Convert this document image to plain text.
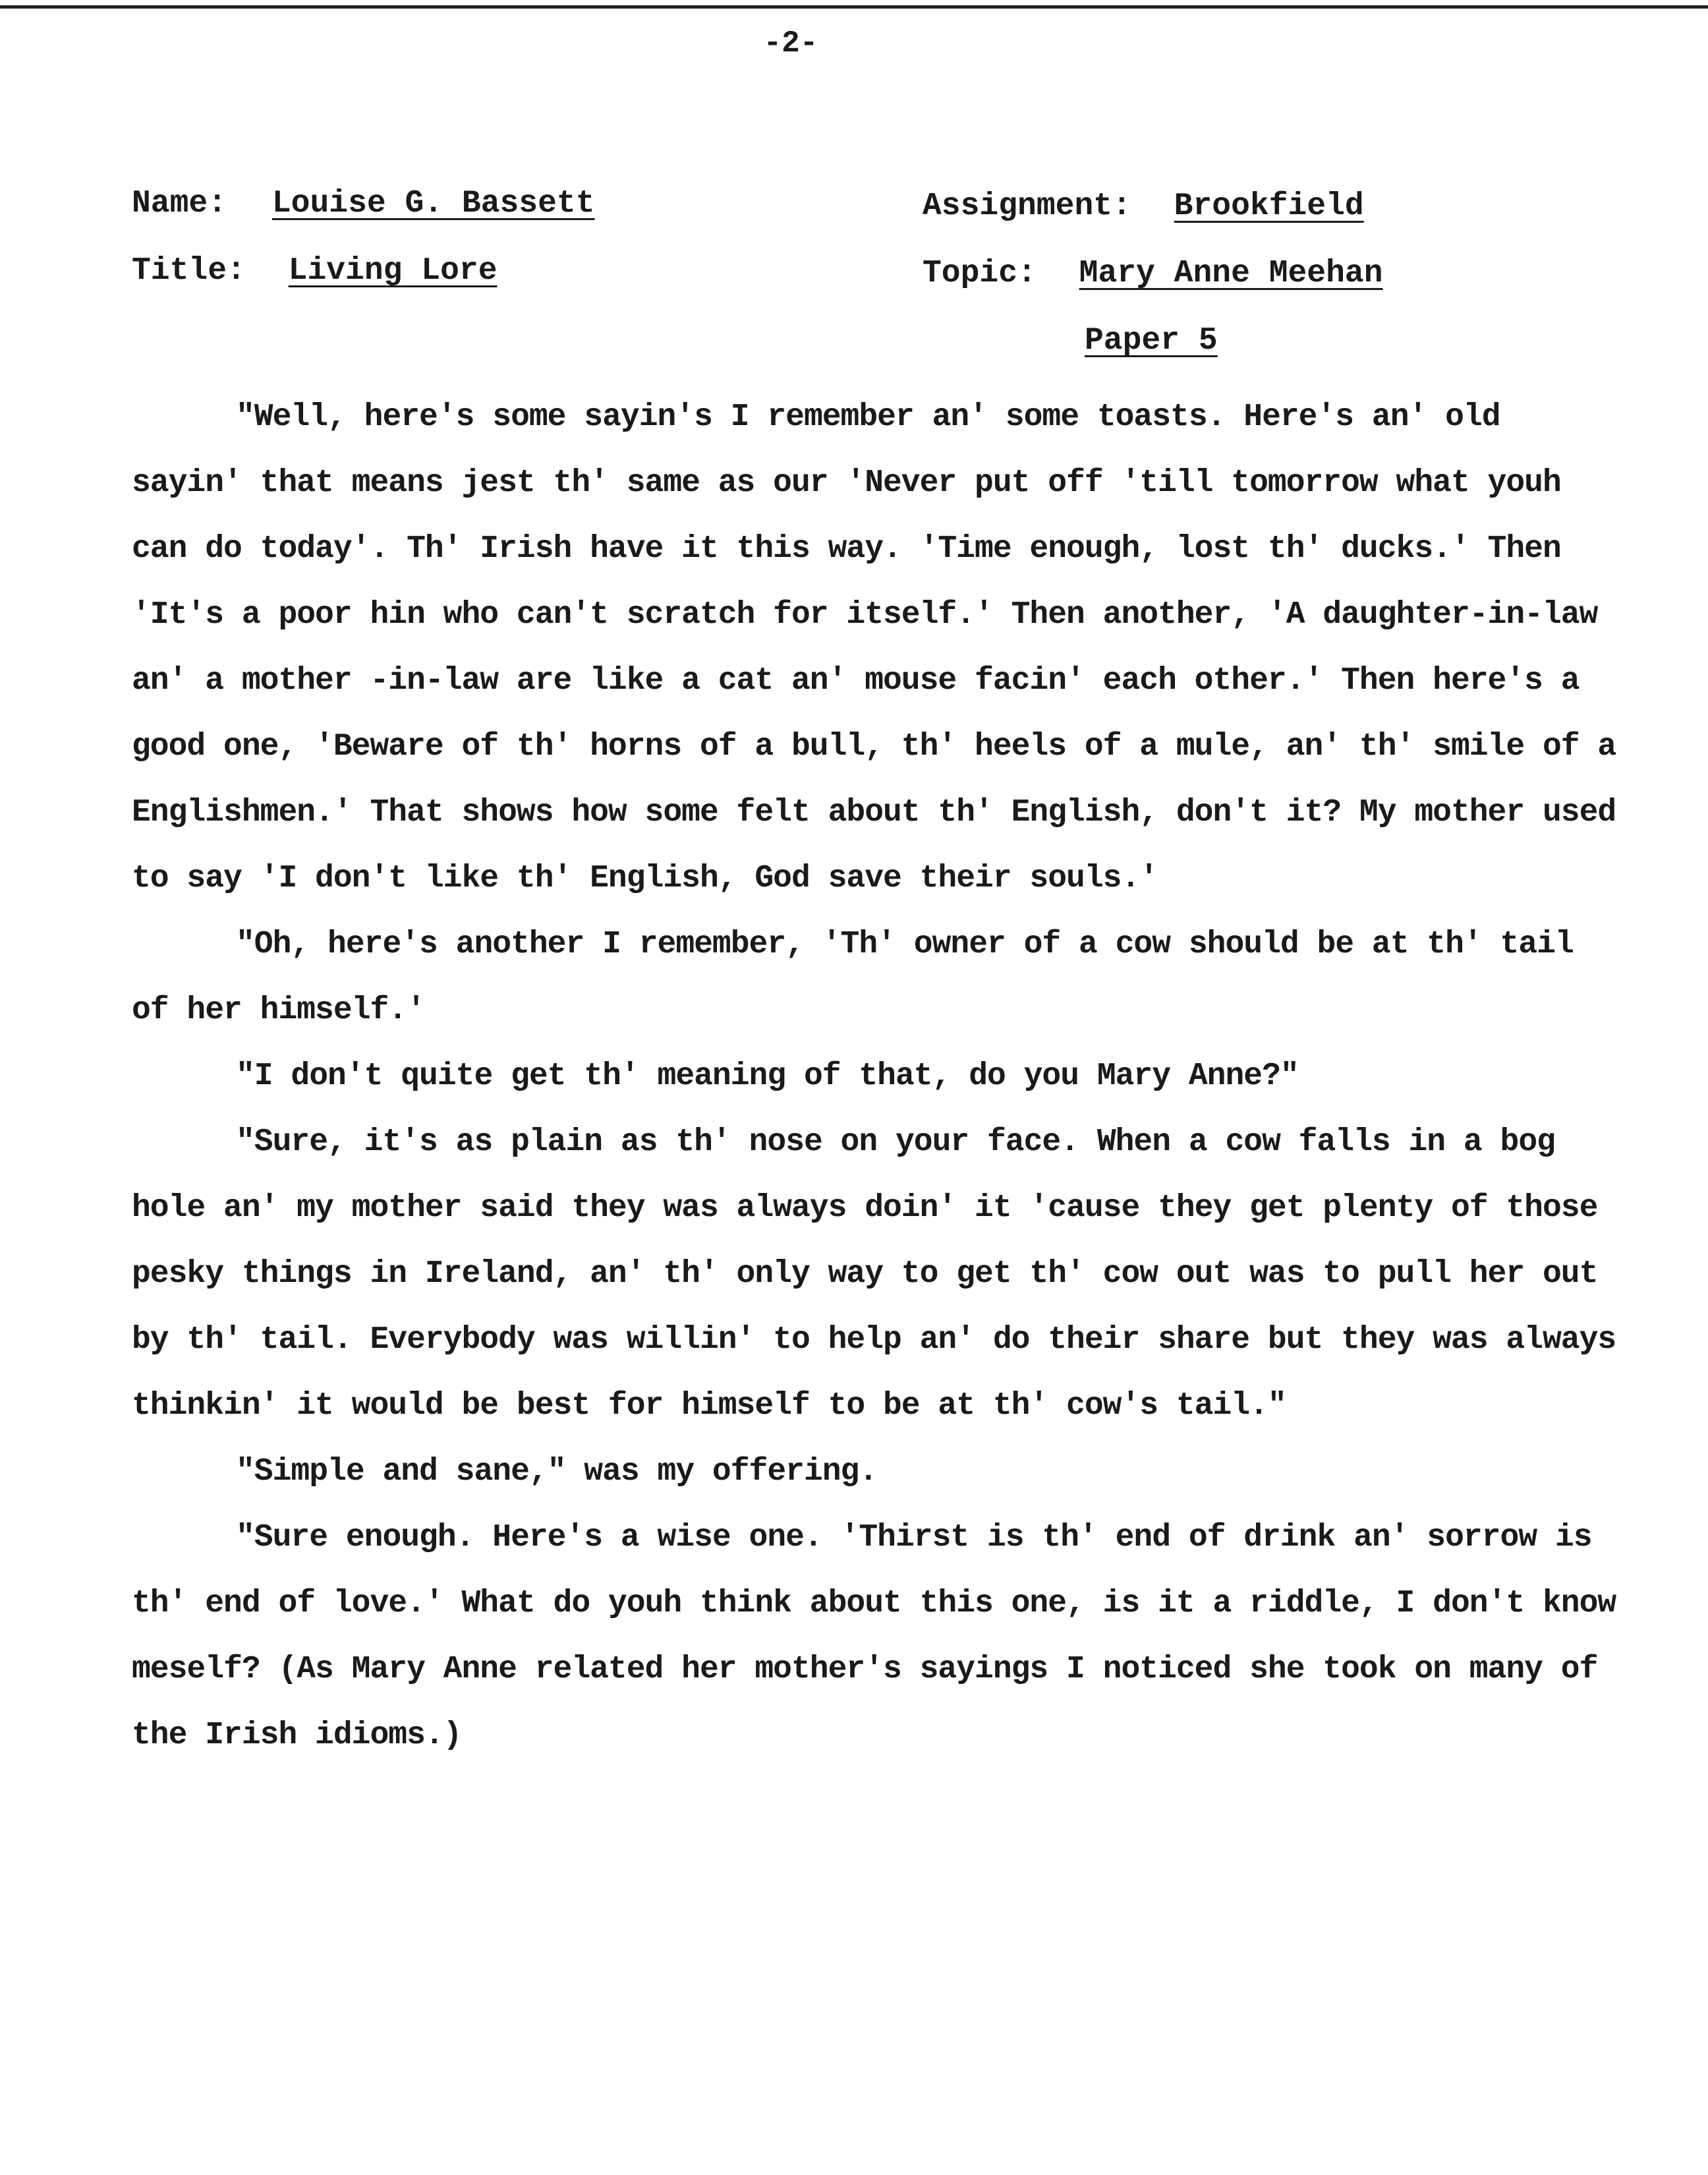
-2-
Name: Louise G. Bassett	Assignment: Brookfield
Title: Living Lore	Topic: Mary Anne Meehan
Paper 5

"Well, here's some sayin's I remember an' some toasts. Here's an' old sayin' that means jest th' same as our 'Never put off 'till tomorrow what youh can do today'. Th' Irish have it this way. 'Time enough, lost th' ducks.' Then 'It's a poor hin who can't scratch for itself.' Then another, 'A daughter-in-law an' a mother -in-law are like a cat an' mouse facin' each other.' Then here's a good one, 'Beware of th' horns of a bull, th' heels of a mule, an' th' smile of a Englishmen.' That shows how some felt about th' English, don't it? My mother used to say 'I don't like th' English, God save their souls.'

"Oh, here's another I remember, 'Th' owner of a cow should be at th' tail of her himself.'

"I don't quite get th' meaning of that, do you Mary Anne?"

"Sure, it's as plain as th' nose on your face. When a cow falls in a bog hole an' my mother said they was always doin' it 'cause they get plenty of those pesky things in Ireland, an' th' only way to get th' cow out was to pull her out by th' tail. Everybody was willin' to help an' do their share but they was always thinkin' it would be best for himself to be at th' cow's tail."

"Simple and sane," was my offering.

"Sure enough. Here's a wise one. 'Thirst is th' end of drink an' sorrow is th' end of love.' What do youh think about this one, is it a riddle, I don't know meself? (As Mary Anne related her mother's sayings I noticed she took on many of the Irish idioms.)
